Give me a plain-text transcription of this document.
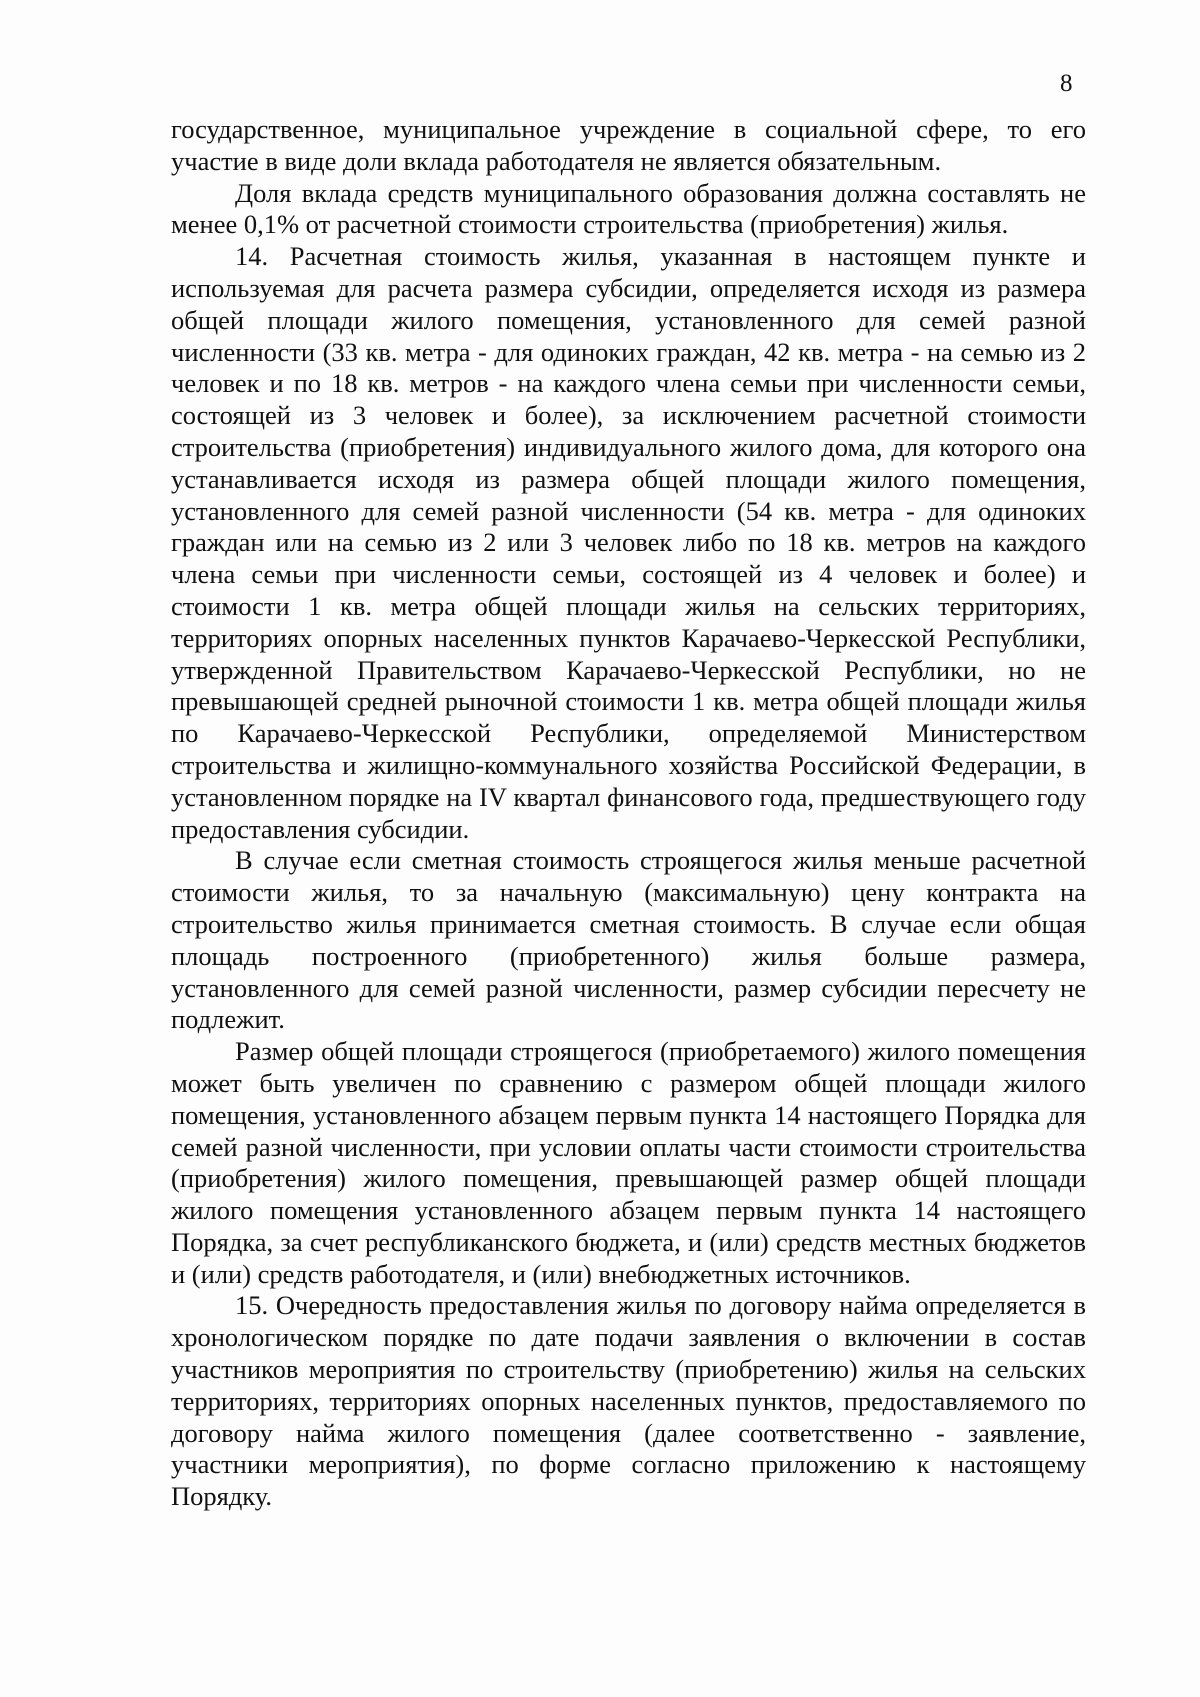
8

государственное, муниципальное учреждение в социальной сфере, то его участие в виде доли вклада работодателя не является обязательным.

Доля вклада средств муниципального образования должна составлять не менее 0,1% от расчетной стоимости строительства (приобретения) жилья.

14. Расчетная стоимость жилья, указанная в настоящем пункте и используемая для расчета размера субсидии, определяется исходя из размера общей площади жилого помещения, установленного для семей разной численности (33 кв. метра - для одиноких граждан, 42 кв. метра - на семью из 2 человек и по 18 кв. метров - на каждого члена семьи при численности семьи, состоящей из 3 человек и более), за исключением расчетной стоимости строительства (приобретения) индивидуального жилого дома, для которого она устанавливается исходя из размера общей площади жилого помещения, установленного для семей разной численности (54 кв. метра - для одиноких граждан или на семью из 2 или 3 человек либо по 18 кв. метров на каждого члена семьи при численности семьи, состоящей из 4 человек и более) и стоимости 1 кв. метра общей площади жилья на сельских территориях, территориях опорных населенных пунктов Карачаево-Черкесской Республики, утвержденной Правительством Карачаево-Черкесской Республики, но не превышающей средней рыночной стоимости 1 кв. метра общей площади жилья по Карачаево-Черкесской Республики, определяемой Министерством строительства и жилищно-коммунального хозяйства Российской Федерации, в установленном порядке на IV квартал финансового года, предшествующего году предоставления субсидии.

В случае если сметная стоимость строящегося жилья меньше расчетной стоимости жилья, то за начальную (максимальную) цену контракта на строительство жилья принимается сметная стоимость. В случае если общая площадь построенного (приобретенного) жилья больше размера, установленного для семей разной численности, размер субсидии пересчету не подлежит.

Размер общей площади строящегося (приобретаемого) жилого помещения может быть увеличен по сравнению с размером общей площади жилого помещения, установленного абзацем первым пункта 14 настоящего Порядка для семей разной численности, при условии оплаты части стоимости строительства (приобретения) жилого помещения, превышающей размер общей площади жилого помещения установленного абзацем первым пункта 14 настоящего Порядка, за счет республиканского бюджета, и (или) средств местных бюджетов и (или) средств работодателя, и (или) внебюджетных источников.

15. Очередность предоставления жилья по договору найма определяется в хронологическом порядке по дате подачи заявления о включении в состав участников мероприятия по строительству (приобретению) жилья на сельских территориях, территориях опорных населенных пунктов, предоставляемого по договору найма жилого помещения (далее соответственно - заявление, участники мероприятия), по форме согласно приложению к настоящему Порядку.
